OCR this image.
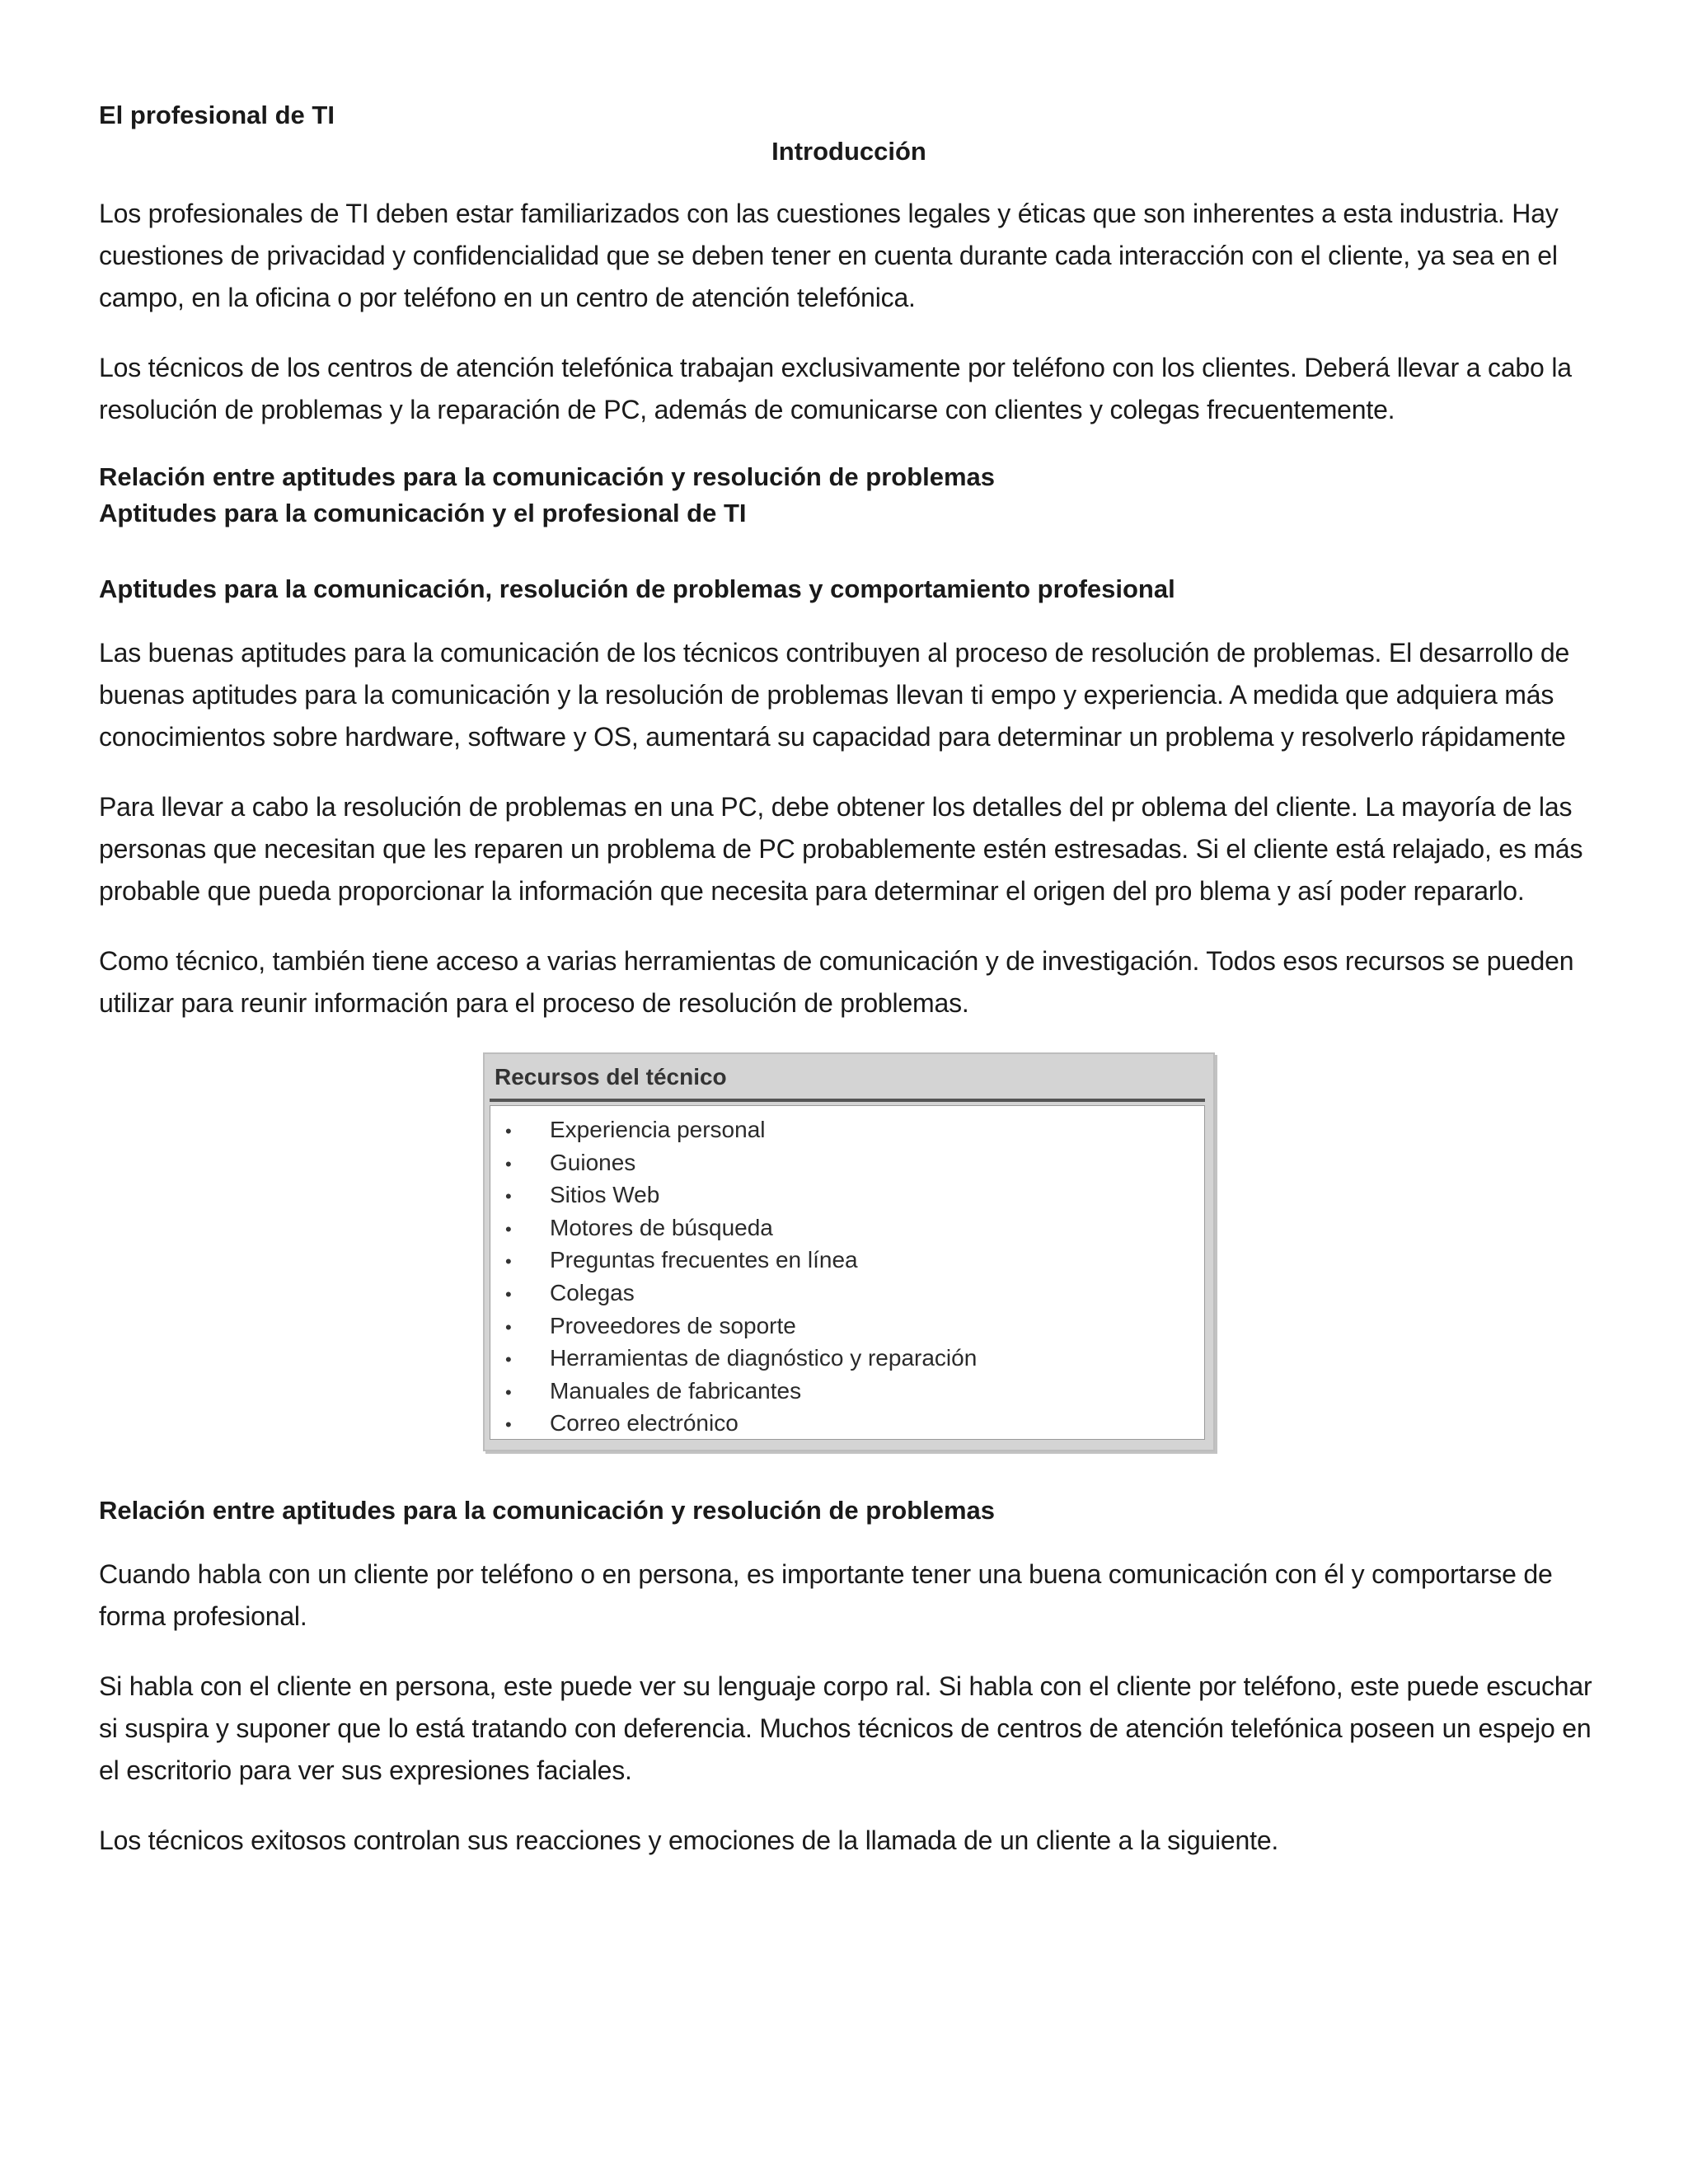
El profesional de TI
Introducción

Los profesionales de TI deben estar familiarizados con las cuestiones legales y éticas que son inherentes a esta industria. Hay cuestiones de privacidad y confidencialidad que se deben tener en cuenta durante cada interacción con el cliente, ya sea en el campo, en la oficina o por teléfono en un centro de atención telefónica.

Los técnicos de los centros de atención telefónica trabajan exclusivamente por teléfono con los clientes. Deberá llevar a cabo la resolución de problemas y la reparación de PC, además de comunicarse con clientes y colegas frecuentemente.

Relación entre aptitudes para la comunicación y resolución de problemas
Aptitudes para la comunicación y el profesional de TI
Aptitudes para la comunicación, resolución de problemas y comportamiento profesional

Las buenas aptitudes para la comunicación de los técnicos contribuyen al proceso de resolución de problemas. El desarrollo de buenas aptitudes para la comunicación y la resolución de problemas llevan ti empo y experiencia. A medida que adquiera más conocimientos sobre hardware, software y OS, aumentará su capacidad para determinar un problema y resolverlo rápidamente

Para llevar a cabo la resolución de problemas en una PC, debe obtener los detalles del pr oblema del cliente. La mayoría de las personas que necesitan que les reparen un problema de PC probablemente estén estresadas. Si el cliente está relajado, es más probable que pueda proporcionar la información que necesita para determinar el origen del pro blema y así poder repararlo.

Como técnico, también tiene acceso a varias herramientas de comunicación y de investigación. Todos esos recursos se pueden utilizar para reunir información para el proceso de resolución de problemas.

Recursos del técnico
•	Experiencia personal
•	Guiones
•	Sitios Web
•	Motores de búsqueda
•	Preguntas frecuentes en línea
•	Colegas
•	Proveedores de soporte
•	Herramientas de diagnóstico y reparación
•	Manuales de fabricantes
•	Correo electrónico
Relación entre aptitudes para la comunicación y resolución de problemas

Cuando habla con un cliente por teléfono o en persona, es importante tener una buena comunicación con él y comportarse de forma profesional.

Si habla con el cliente en persona, este puede ver su lenguaje corpo ral. Si habla con el cliente por teléfono, este puede escuchar si suspira y suponer que lo está tratando con deferencia. Muchos técnicos de centros de atención telefónica poseen un espejo en el escritorio para ver sus expresiones faciales.

Los técnicos exitosos controlan sus reacciones y emociones de la llamada de un cliente a la siguiente.
